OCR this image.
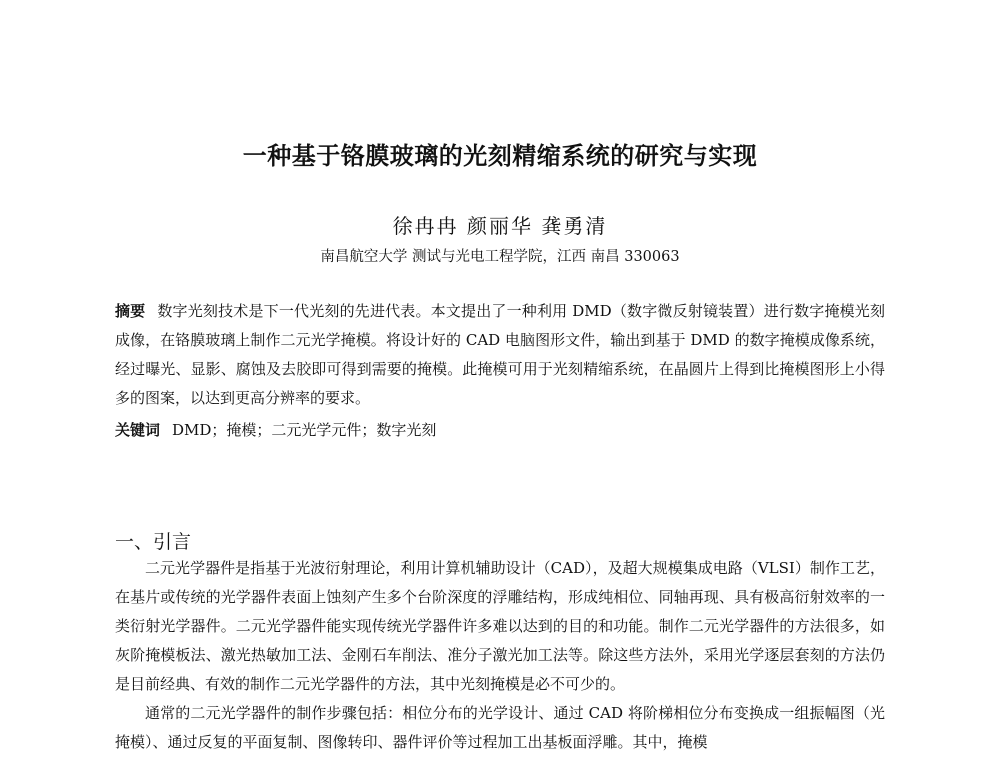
一种基于铬膜玻璃的光刻精缩系统的研究与实现
徐冉冉 颜丽华 龚勇清
南昌航空大学 测试与光电工程学院，江西 南昌 330063
摘要 数字光刻技术是下一代光刻的先进代表。本文提出了一种利用 DMD（数字微反射镜装置）进行数字掩模光刻成像，在铬膜玻璃上制作二元光学掩模。将设计好的 CAD 电脑图形文件，输出到基于 DMD 的数字掩模成像系统，经过曝光、显影、腐蚀及去胶即可得到需要的掩模。此掩模可用于光刻精缩系统，在晶圆片上得到比掩模图形上小得多的图案，以达到更高分辨率的要求。
关键词 DMD；掩模；二元光学元件；数字光刻
一、引言

二元光学器件是指基于光波衍射理论，利用计算机辅助设计（CAD），及超大规模集成电路（VLSI）制作工艺，在基片或传统的光学器件表面上蚀刻产生多个台阶深度的浮雕结构，形成纯相位、同轴再现、具有极高衍射效率的一类衍射光学器件。二元光学器件能实现传统光学器件许多难以达到的目的和功能。制作二元光学器件的方法很多，如灰阶掩模板法、激光热敏加工法、金刚石车削法、准分子激光加工法等。除这些方法外，采用光学逐层套刻的方法仍是目前经典、有效的制作二元光学器件的方法，其中光刻掩模是必不可少的。

通常的二元光学器件的制作步骤包括：相位分布的光学设计、通过 CAD 将阶梯相位分布变换成一组振幅图（光掩模）、通过反复的平面复制、图像转印、器件评价等过程加工出基板面浮雕。其中，掩模
